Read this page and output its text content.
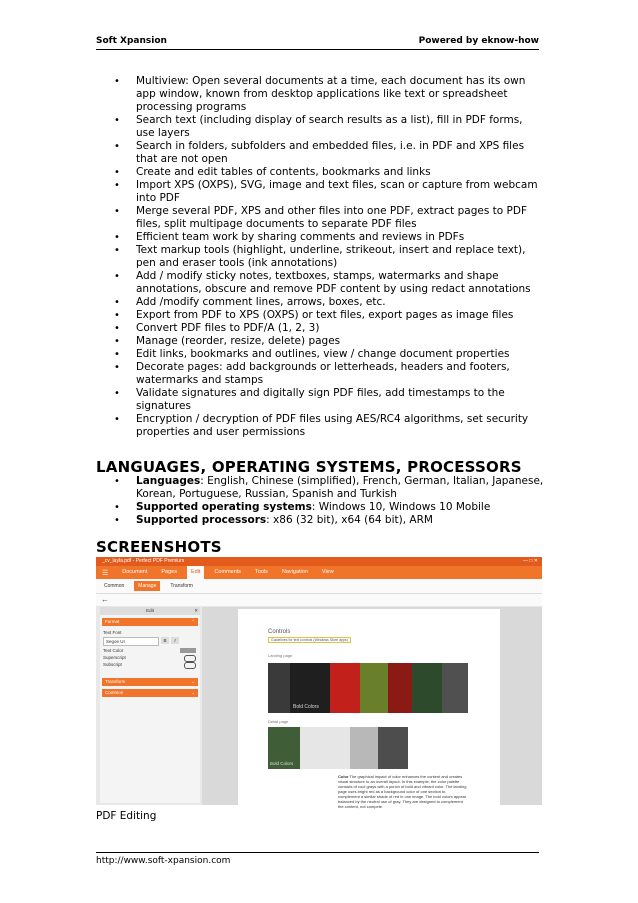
Soft Xpansion	Powered by eknow-how
•	Multiview: Open several documents at a time, each document has its own app window, known from desktop applications like text or spreadsheet processing programs
•	Search text (including display of search results as a list), fill in PDF forms, use layers
•	Search in folders, subfolders and embedded files, i.e. in PDF and XPS files that are not open
•	Create and edit tables of contents, bookmarks and links
•	Import XPS (OXPS), SVG, image and text files, scan or capture from webcam into PDF
•	Merge several PDF, XPS and other files into one PDF, extract pages to PDF files, split multipage documents to separate PDF files
•	Efficient team work by sharing comments and reviews in PDFs
•	Text markup tools (highlight, underline, strikeout, insert and replace text), pen and eraser tools (ink annotations)
•	Add / modify sticky notes, textboxes, stamps, watermarks and shape annotations, obscure and remove PDF content by using redact annotations
•	Add /modify comment lines, arrows, boxes, etc.
•	Export from PDF to XPS (OXPS) or text files, export pages as image files
•	Convert PDF files to PDF/A (1, 2, 3)
•	Manage (reorder, resize, delete) pages
•	Edit links, bookmarks and outlines, view / change document properties
•	Decorate pages: add backgrounds or letterheads, headers and footers, watermarks and stamps
•	Validate signatures and digitally sign PDF files, add timestamps to the signatures
•	Encryption / decryption of PDF files using AES/RC4 algorithms, set security properties and user permissions
LANGUAGES, OPERATING SYSTEMS, PROCESSORS
•	Languages: English, Chinese (simplified), French, German, Italian, Japanese, Korean, Portuguese, Russian, Spanish and Turkish
•	Supported operating systems: Windows 10, Windows 10 Mobile
•	Supported processors: x86 (32 bit), x64 (64 bit), ARM
SCREENSHOTS
_cv_layla.pdf - Perfect PDF Premium	— □ ✕
☰	Document	Pages	Edit	Comments	Tools	Navigation	View
Common	Manage	Transform
←
Edit	✕
Format	⌃
Text Font
Segoe UI	B	I
Text Color
Superscript
Subscript
Transform	⌄
Common	⌄
Controls
Guidelines for text controls (Windows Store apps)
Landing page
Bold Colors
Detail page
Bold Colors
Color The graphical impact of color enhances the content and creates visual structure to an overall layout. In this example, the color palette consists of cool grays with a punch of bold and vibrant color. The landing page uses bright red as a background color of one section to complement a similar shade of red in one image. The bold colors appear balanced by the neutral use of gray. They are designed to complement the content, not compete.
PDF Editing
http://www.soft-xpansion.com
